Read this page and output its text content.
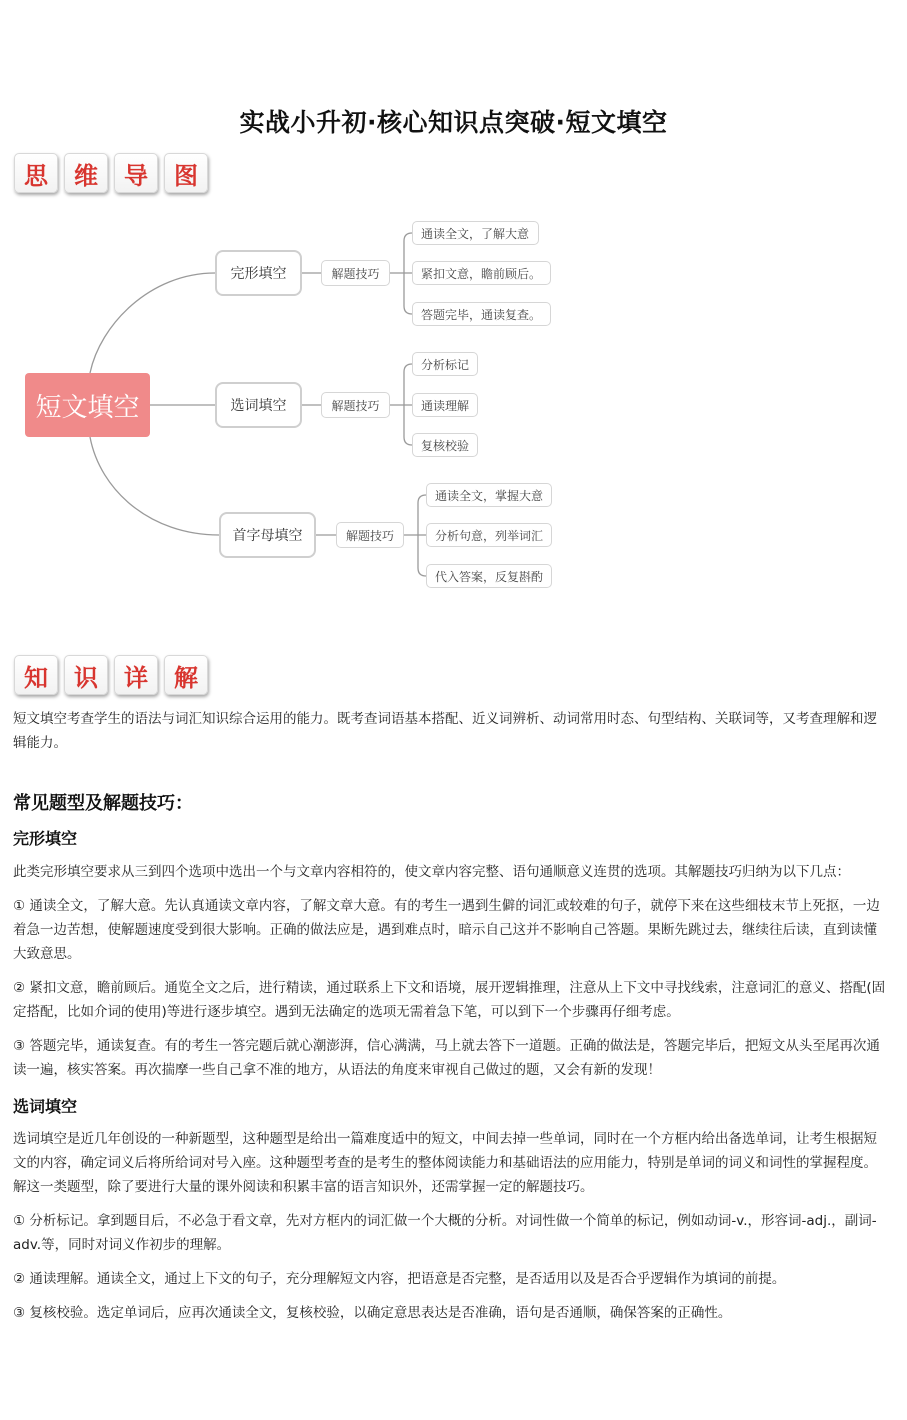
实战小升初·核心知识点突破·短文填空
思	维	导	图
短文填空
完形填空	解题技巧
通读全文，了解大意
紧扣文意，瞻前顾后。
答题完毕，通读复查。
选词填空	解题技巧
分析标记
通读理解
复核校验
首字母填空	解题技巧
通读全文，掌握大意
分析句意，列举词汇
代入答案，反复斟酌
知	识	详	解
短文填空考查学生的语法与词汇知识综合运用的能力。既考查词语基本搭配、近义词辨析、动词常用时态、句型结构、关联词等，又考查理解和逻辑能力。
常见题型及解题技巧：
完形填空
此类完形填空要求从三到四个选项中选出一个与文章内容相符的，使文章内容完整、语句通顺意义连贯的选项。其解题技巧归纳为以下几点：
① 通读全文，了解大意。先认真通读文章内容，了解文章大意。有的考生一遇到生僻的词汇或较难的句子，就停下来在这些细枝末节上死抠，一边着急一边苦想，使解题速度受到很大影响。正确的做法应是，遇到难点时，暗示自己这并不影响自己答题。果断先跳过去，继续往后读，直到读懂大致意思。
② 紧扣文意，瞻前顾后。通览全文之后，进行精读，通过联系上下文和语境，展开逻辑推理，注意从上下文中寻找线索，注意词汇的意义、搭配(固定搭配，比如介词的使用)等进行逐步填空。遇到无法确定的选项无需着急下笔，可以到下一个步骤再仔细考虑。
③ 答题完毕，通读复查。有的考生一答完题后就心潮澎湃，信心满满，马上就去答下一道题。正确的做法是，答题完毕后，把短文从头至尾再次通读一遍，核实答案。再次揣摩一些自己拿不准的地方，从语法的角度来审视自己做过的题，又会有新的发现！
选词填空
选词填空是近几年创设的一种新题型，这种题型是给出一篇难度适中的短文，中间去掉一些单词，同时在一个方框内给出备选单词，让考生根据短文的内容，确定词义后将所给词对号入座。这种题型考查的是考生的整体阅读能力和基础语法的应用能力，特别是单词的词义和词性的掌握程度。解这一类题型，除了要进行大量的课外阅读和积累丰富的语言知识外，还需掌握一定的解题技巧。
① 分析标记。拿到题目后，不必急于看文章，先对方框内的词汇做一个大概的分析。对词性做一个简单的标记，例如动词-v.，形容词-adj.，副词-adv.等，同时对词义作初步的理解。
② 通读理解。通读全文，通过上下文的句子，充分理解短文内容，把语意是否完整，是否适用以及是否合乎逻辑作为填词的前提。
③ 复核校验。选定单词后，应再次通读全文，复核校验，以确定意思表达是否准确，语句是否通顺，确保答案的正确性。
